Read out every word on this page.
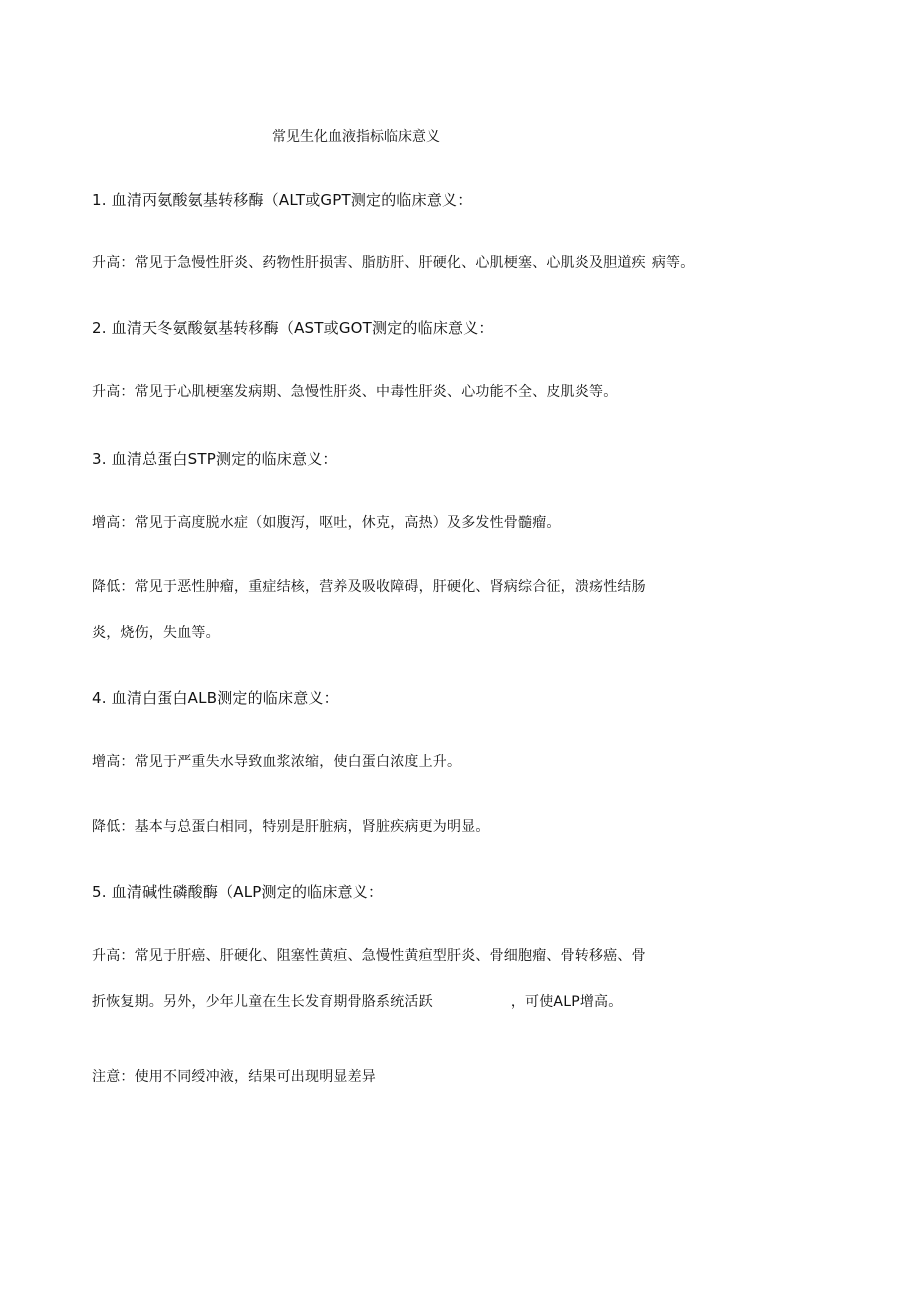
常见生化血液指标临床意义
1. 血清丙氨酸氨基转移酶（ALT或GPT测定的临床意义：
升高：常见于急慢性肝炎、药物性肝损害、脂肪肝、肝硬化、心肌梗塞、心肌炎及胆道疾 病等。
2. 血清天冬氨酸氨基转移酶（AST或GOT测定的临床意义：
升高：常见于心肌梗塞发病期、急慢性肝炎、中毒性肝炎、心功能不全、皮肌炎等。
3. 血清总蛋白STP测定的临床意义：
增高：常见于高度脱水症（如腹泻，呕吐，休克，高热）及多发性骨髓瘤。
降低：常见于恶性肿瘤，重症结核，营养及吸收障碍，肝硬化、肾病综合征，溃疡性结肠
炎，烧伤，失血等。
4. 血清白蛋白ALB测定的临床意义：
增高：常见于严重失水导致血浆浓缩，使白蛋白浓度上升。
降低：基本与总蛋白相同，特别是肝脏病，肾脏疾病更为明显。
5. 血清碱性磷酸酶（ALP测定的临床意义：
升高：常见于肝癌、肝硬化、阻塞性黄疸、急慢性黄疸型肝炎、骨细胞瘤、骨转移癌、骨
折恢复期。另外，少年儿童在生长发育期骨胳系统活跃	，可使ALP增高。
注意：使用不同绶冲液，结果可出现明显差异
